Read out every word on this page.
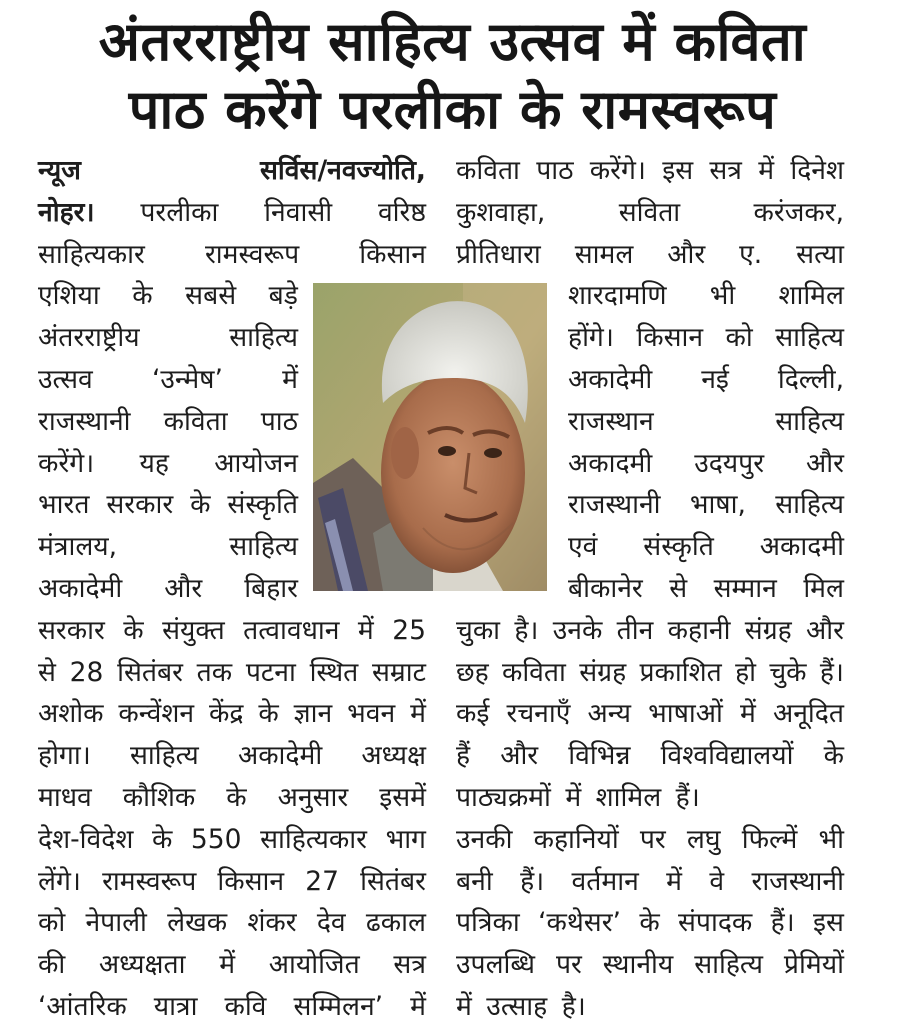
अंतरराष्ट्रीय साहित्य उत्सव में कविता
पाठ करेंगे परलीका के रामस्वरूप
न्यूज	सर्विस/नवज्योति,
नोहर। परलीका निवासी वरिष्ठ
साहित्यकार रामस्वरूप किसान
एशिया के सबसे बड़े
अंतरराष्ट्रीय	साहित्य
उत्सव ‘उन्मेष’ में
राजस्थानी कविता पाठ
करेंगे। यह आयोजन
भारत सरकार के संस्कृति
मंत्रालय,	साहित्य
अकादेमी और बिहार
सरकार के संयुक्त तत्वावधान में 25
से 28 सितंबर तक पटना स्थित सम्राट
अशोक कन्वेंशन केंद्र के ज्ञान भवन में
होगा। साहित्य अकादेमी अध्यक्ष
माधव कौशिक के अनुसार इसमें
देश-विदेश के 550 साहित्यकार भाग
लेंगे। रामस्वरूप किसान 27 सितंबर
को नेपाली लेखक शंकर देव ढकाल
की अध्यक्षता में आयोजित सत्र
‘आंतरिक यात्रा कवि सम्मिलन’ में
कविता पाठ करेंगे। इस सत्र में दिनेश
कुशवाहा,	सविता	करंजकर,
प्रीतिधारा सामल और ए. सत्या
शारदामणि भी शामिल
होंगे। किसान को साहित्य
अकादेमी नई दिल्ली,
राजस्थान	साहित्य
अकादमी उदयपुर और
राजस्थानी भाषा, साहित्य
एवं संस्कृति अकादमी
बीकानेर से सम्मान मिल
चुका है। उनके तीन कहानी संग्रह और
छह कविता संग्रह प्रकाशित हो चुके हैं।
कई रचनाएँ अन्य भाषाओं में अनूदित
हैं और विभिन्न विश्वविद्यालयों के
पाठ्यक्रमों में शामिल हैं।
उनकी कहानियों पर लघु फिल्में भी
बनी हैं। वर्तमान में वे राजस्थानी
पत्रिका ‘कथेसर’ के संपादक हैं। इस
उपलब्धि पर स्थानीय साहित्य प्रेमियों
में उत्साह है।
